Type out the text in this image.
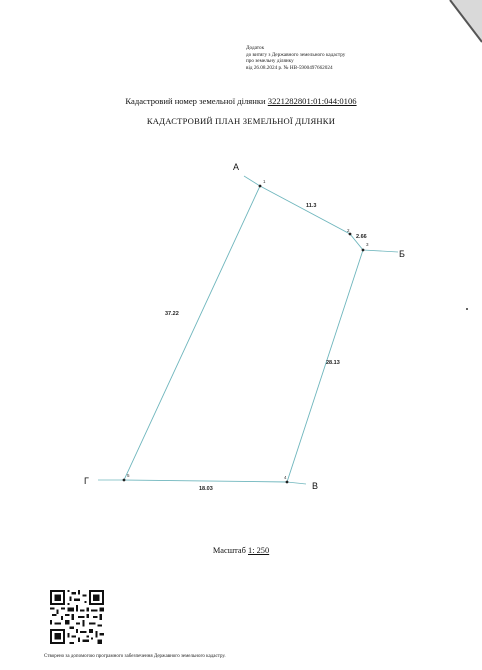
Додаток
до витягу з Державного земельного кадастру
про земельну ділянку
від 26.08.2024 р. № НВ-5900497662024
Кадастровий номер земельної ділянки 3221282801:01:044:0106
КАДАСТРОВИЙ ПЛАН ЗЕМЕЛЬНОЇ ДІЛЯНКИ
1
2
3
4
5
11.3
2.66
28.13
18.03
37.22
А
Б
В
Г
Масштаб 1: 250
Створено за допомогою програмного забезпечення Державного земельного кадастру.
